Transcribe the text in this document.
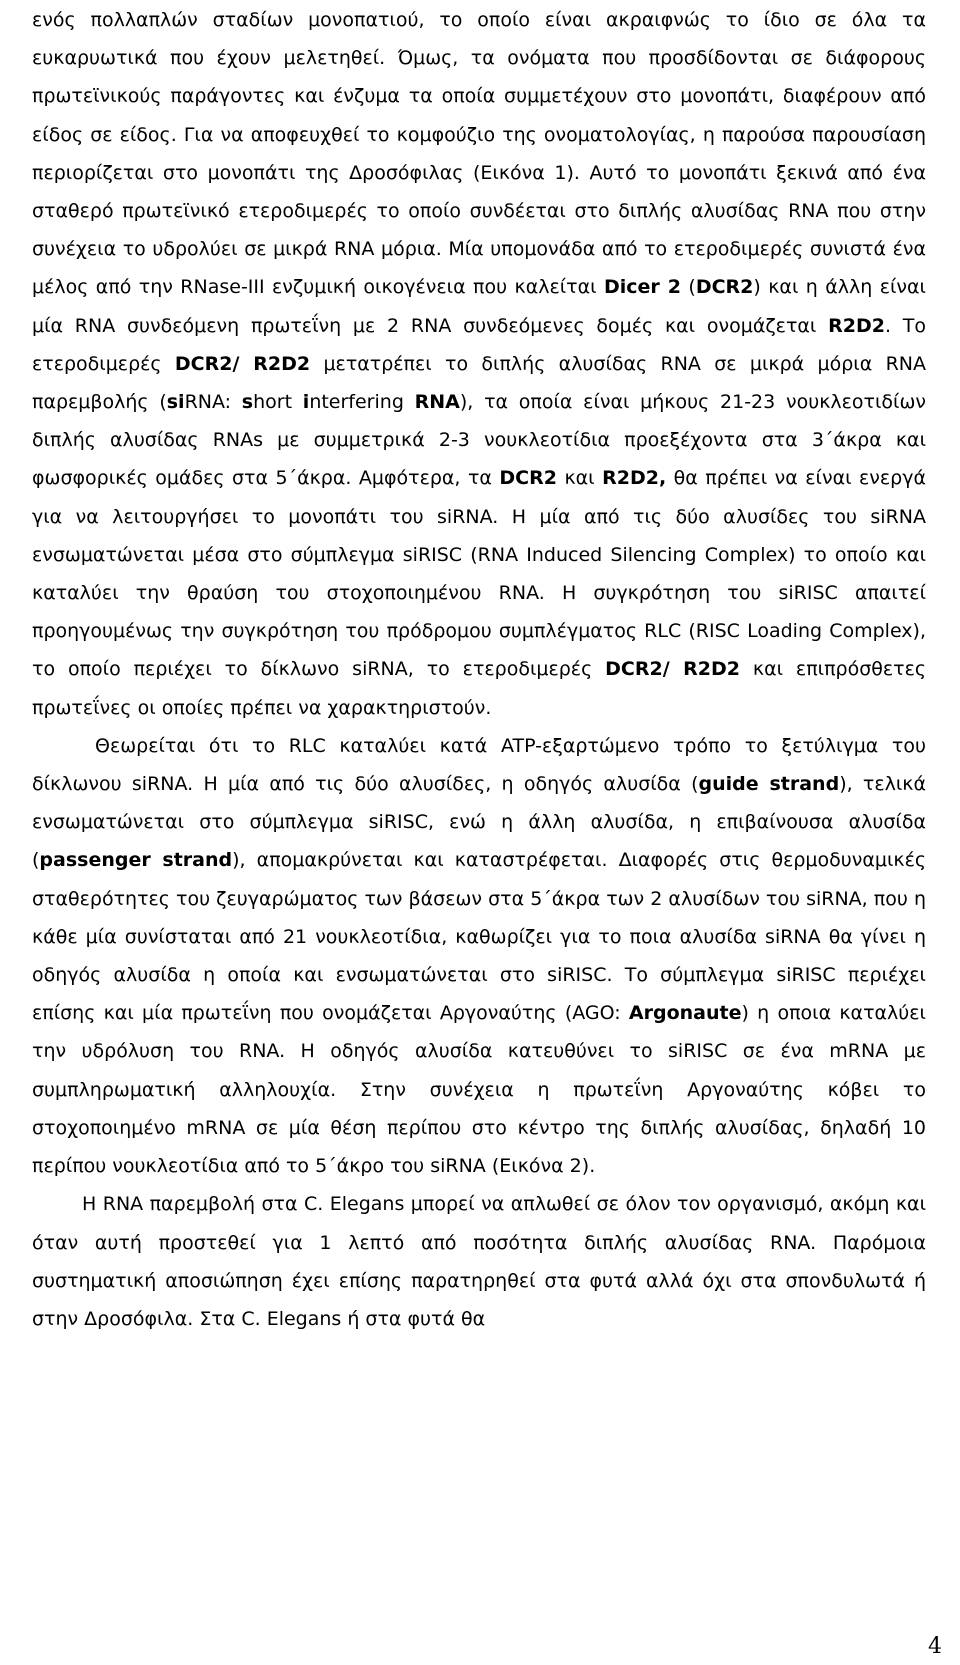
ενός πολλαπλών σταδίων μονοπατιού, το οποίο είναι ακραιφνώς το ίδιο σε όλα τα ευκαρυωτικά που έχουν μελετηθεί. Όμως, τα ονόματα που προσδίδονται σε διάφορους πρωτεϊνικούς παράγοντες και ένζυμα τα οποία συμμετέχουν στο μονοπάτι, διαφέρουν από είδος σε είδος. Για να αποφευχθεί το κομφούζιο της ονοματολογίας, η παρούσα παρουσίαση περιορίζεται στο μονοπάτι της Δροσόφιλας (Εικόνα 1). Αυτό το μονοπάτι ξεκινά από ένα σταθερό πρωτεϊνικό ετεροδιμερές το οποίο συνδέεται στο διπλής αλυσίδας RNA που στην συνέχεια το υδρολύει σε μικρά RNA μόρια. Μία υπομονάδα από το ετεροδιμερές συνιστά ένα μέλος από την RNase-III ενζυμική οικογένεια που καλείται Dicer 2 (DCR2) και η άλλη είναι μία RNA συνδεόμενη πρωτεΐνη με 2 RNA συνδεόμενες δομές και ονομάζεται R2D2. Το ετεροδιμερές DCR2/ R2D2 μετατρέπει το διπλής αλυσίδας RNA σε μικρά μόρια RNA παρεμβολής (siRNA: short interfering RNA), τα οποία είναι μήκους 21-23 νουκλεοτιδίων διπλής αλυσίδας RNAs με συμμετρικά 2-3 νουκλεοτίδια προεξέχοντα στα 3΄άκρα και φωσφορικές ομάδες στα 5΄άκρα. Αμφότερα, τα DCR2 και R2D2, θα πρέπει να είναι ενεργά για να λειτουργήσει το μονοπάτι του siRNA. Η μία από τις δύο αλυσίδες του siRNA ενσωματώνεται μέσα στο σύμπλεγμα siRISC (RNA Induced Silencing Complex) το οποίο και καταλύει την θραύση του στοχοποιημένου RNA. Η συγκρότηση του siRISC απαιτεί προηγουμένως την συγκρότηση του πρόδρομου συμπλέγματος RLC (RISC Loading Complex), το οποίο περιέχει το δίκλωνο siRNA, το ετεροδιμερές DCR2/ R2D2 και επιπρόσθετες πρωτεΐνες οι οποίες πρέπει να χαρακτηριστούν.

Θεωρείται ότι το RLC καταλύει κατά ATP-εξαρτώμενο τρόπο το ξετύλιγμα του δίκλωνου siRNA. Η μία από τις δύο αλυσίδες, η οδηγός αλυσίδα (guide strand), τελικά ενσωματώνεται στο σύμπλεγμα siRISC, ενώ η άλλη αλυσίδα, η επιβαίνουσα αλυσίδα (passenger strand), απομακρύνεται και καταστρέφεται. Διαφορές στις θερμοδυναμικές σταθερότητες του ζευγαρώματος των βάσεων στα 5΄άκρα των 2 αλυσίδων του siRNA, που η κάθε μία συνίσταται από 21 νουκλεοτίδια, καθωρίζει για το ποια αλυσίδα siRNA θα γίνει η οδηγός αλυσίδα η οποία και ενσωματώνεται στο siRISC. Το σύμπλεγμα siRISC περιέχει επίσης και μία πρωτεΐνη που ονομάζεται Αργοναύτης (AGO: Argonaute) η οποια καταλύει την υδρόλυση του RNA. Η οδηγός αλυσίδα κατευθύνει το siRISC σε ένα mRNA με συμπληρωματική αλληλουχία. Στην συνέχεια η πρωτεΐνη Αργοναύτης κόβει το στοχοποιημένο mRNA σε μία θέση περίπου στο κέντρο της διπλής αλυσίδας, δηλαδή 10 περίπου νουκλεοτίδια από το 5΄άκρο του siRNA (Εικόνα 2).

Η RNA παρεμβολή στα C. Elegans μπορεί να απλωθεί σε όλον τον οργανισμό, ακόμη και όταν αυτή προστεθεί για 1 λεπτό από ποσότητα διπλής αλυσίδας RNA. Παρόμοια συστηματική αποσιώπηση έχει επίσης παρατηρηθεί στα φυτά αλλά όχι στα σπονδυλωτά ή στην Δροσόφιλα. Στα C. Elegans ή στα φυτά θα

4
